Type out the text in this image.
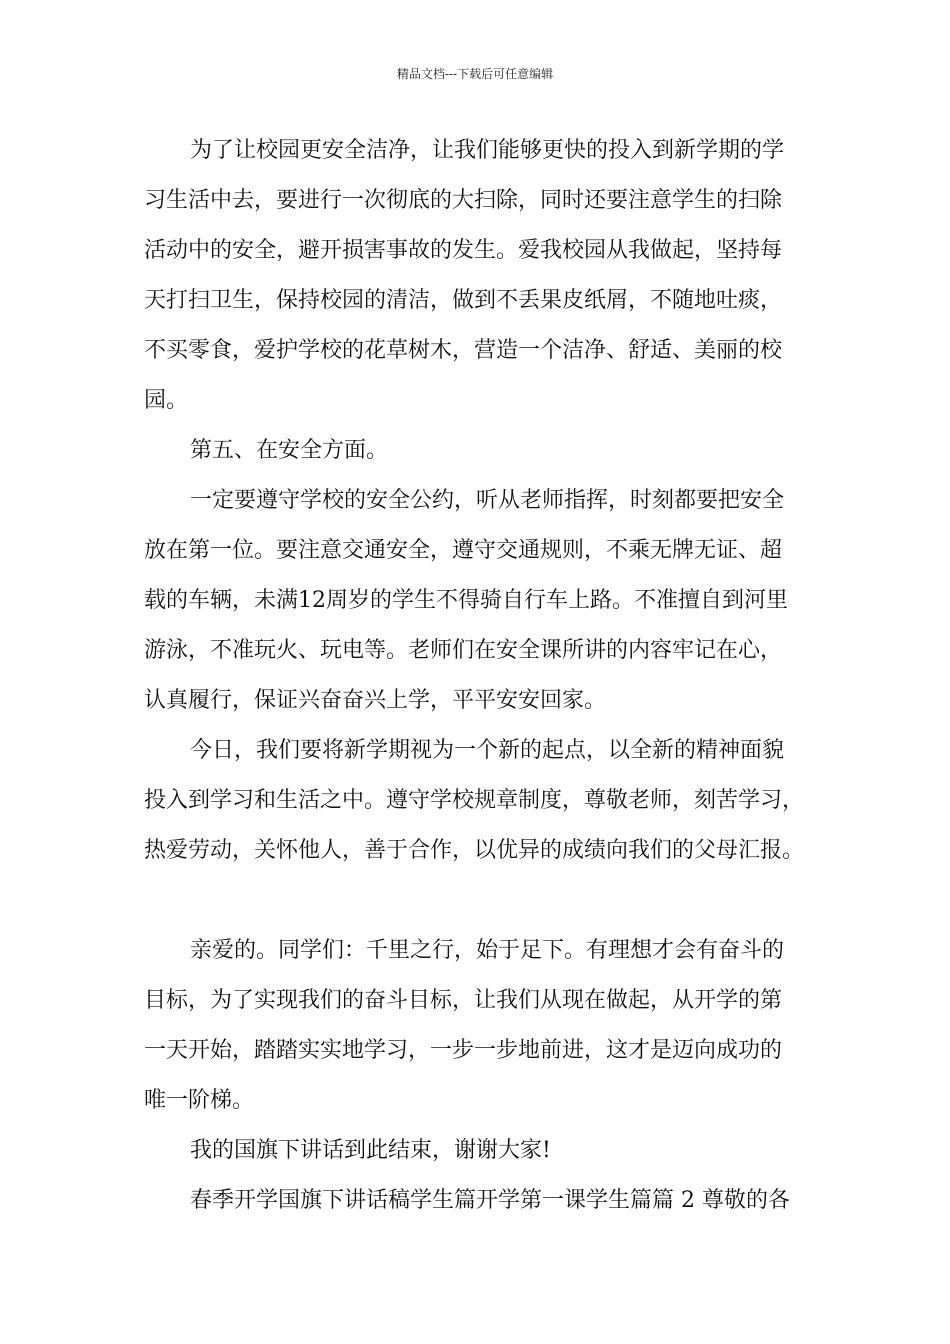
精品文档---下载后可任意编辑
为了让校园更安全洁净，让我们能够更快的投入到新学期的学
习生活中去，要进行一次彻底的大扫除，同时还要注意学生的扫除
活动中的安全，避开损害事故的发生。爱我校园从我做起，坚持每
天打扫卫生，保持校园的清洁，做到不丢果皮纸屑，不随地吐痰，
不买零食，爱护学校的花草树木，营造一个洁净、舒适、美丽的校
园。
第五、在安全方面。
一定要遵守学校的安全公约，听从老师指挥，时刻都要把安全
放在第一位。要注意交通安全，遵守交通规则，不乘无牌无证、超
载的车辆，未满12周岁的学生不得骑自行车上路。不准擅自到河里
游泳，不准玩火、玩电等。老师们在安全课所讲的内容牢记在心，
认真履行，保证兴奋奋兴上学，平平安安回家。
今日，我们要将新学期视为一个新的起点，以全新的精神面貌
投入到学习和生活之中。遵守学校规章制度，尊敬老师，刻苦学习，
热爱劳动，关怀他人，善于合作，以优异的成绩向我们的父母汇报。
亲爱的。同学们：千里之行，始于足下。有理想才会有奋斗的
目标，为了实现我们的奋斗目标，让我们从现在做起，从开学的第
一天开始，踏踏实实地学习，一步一步地前进，这才是迈向成功的
唯一阶梯。
我的国旗下讲话到此结束，谢谢大家!
春季开学国旗下讲话稿学生篇开学第一课学生篇篇 2 尊敬的各
